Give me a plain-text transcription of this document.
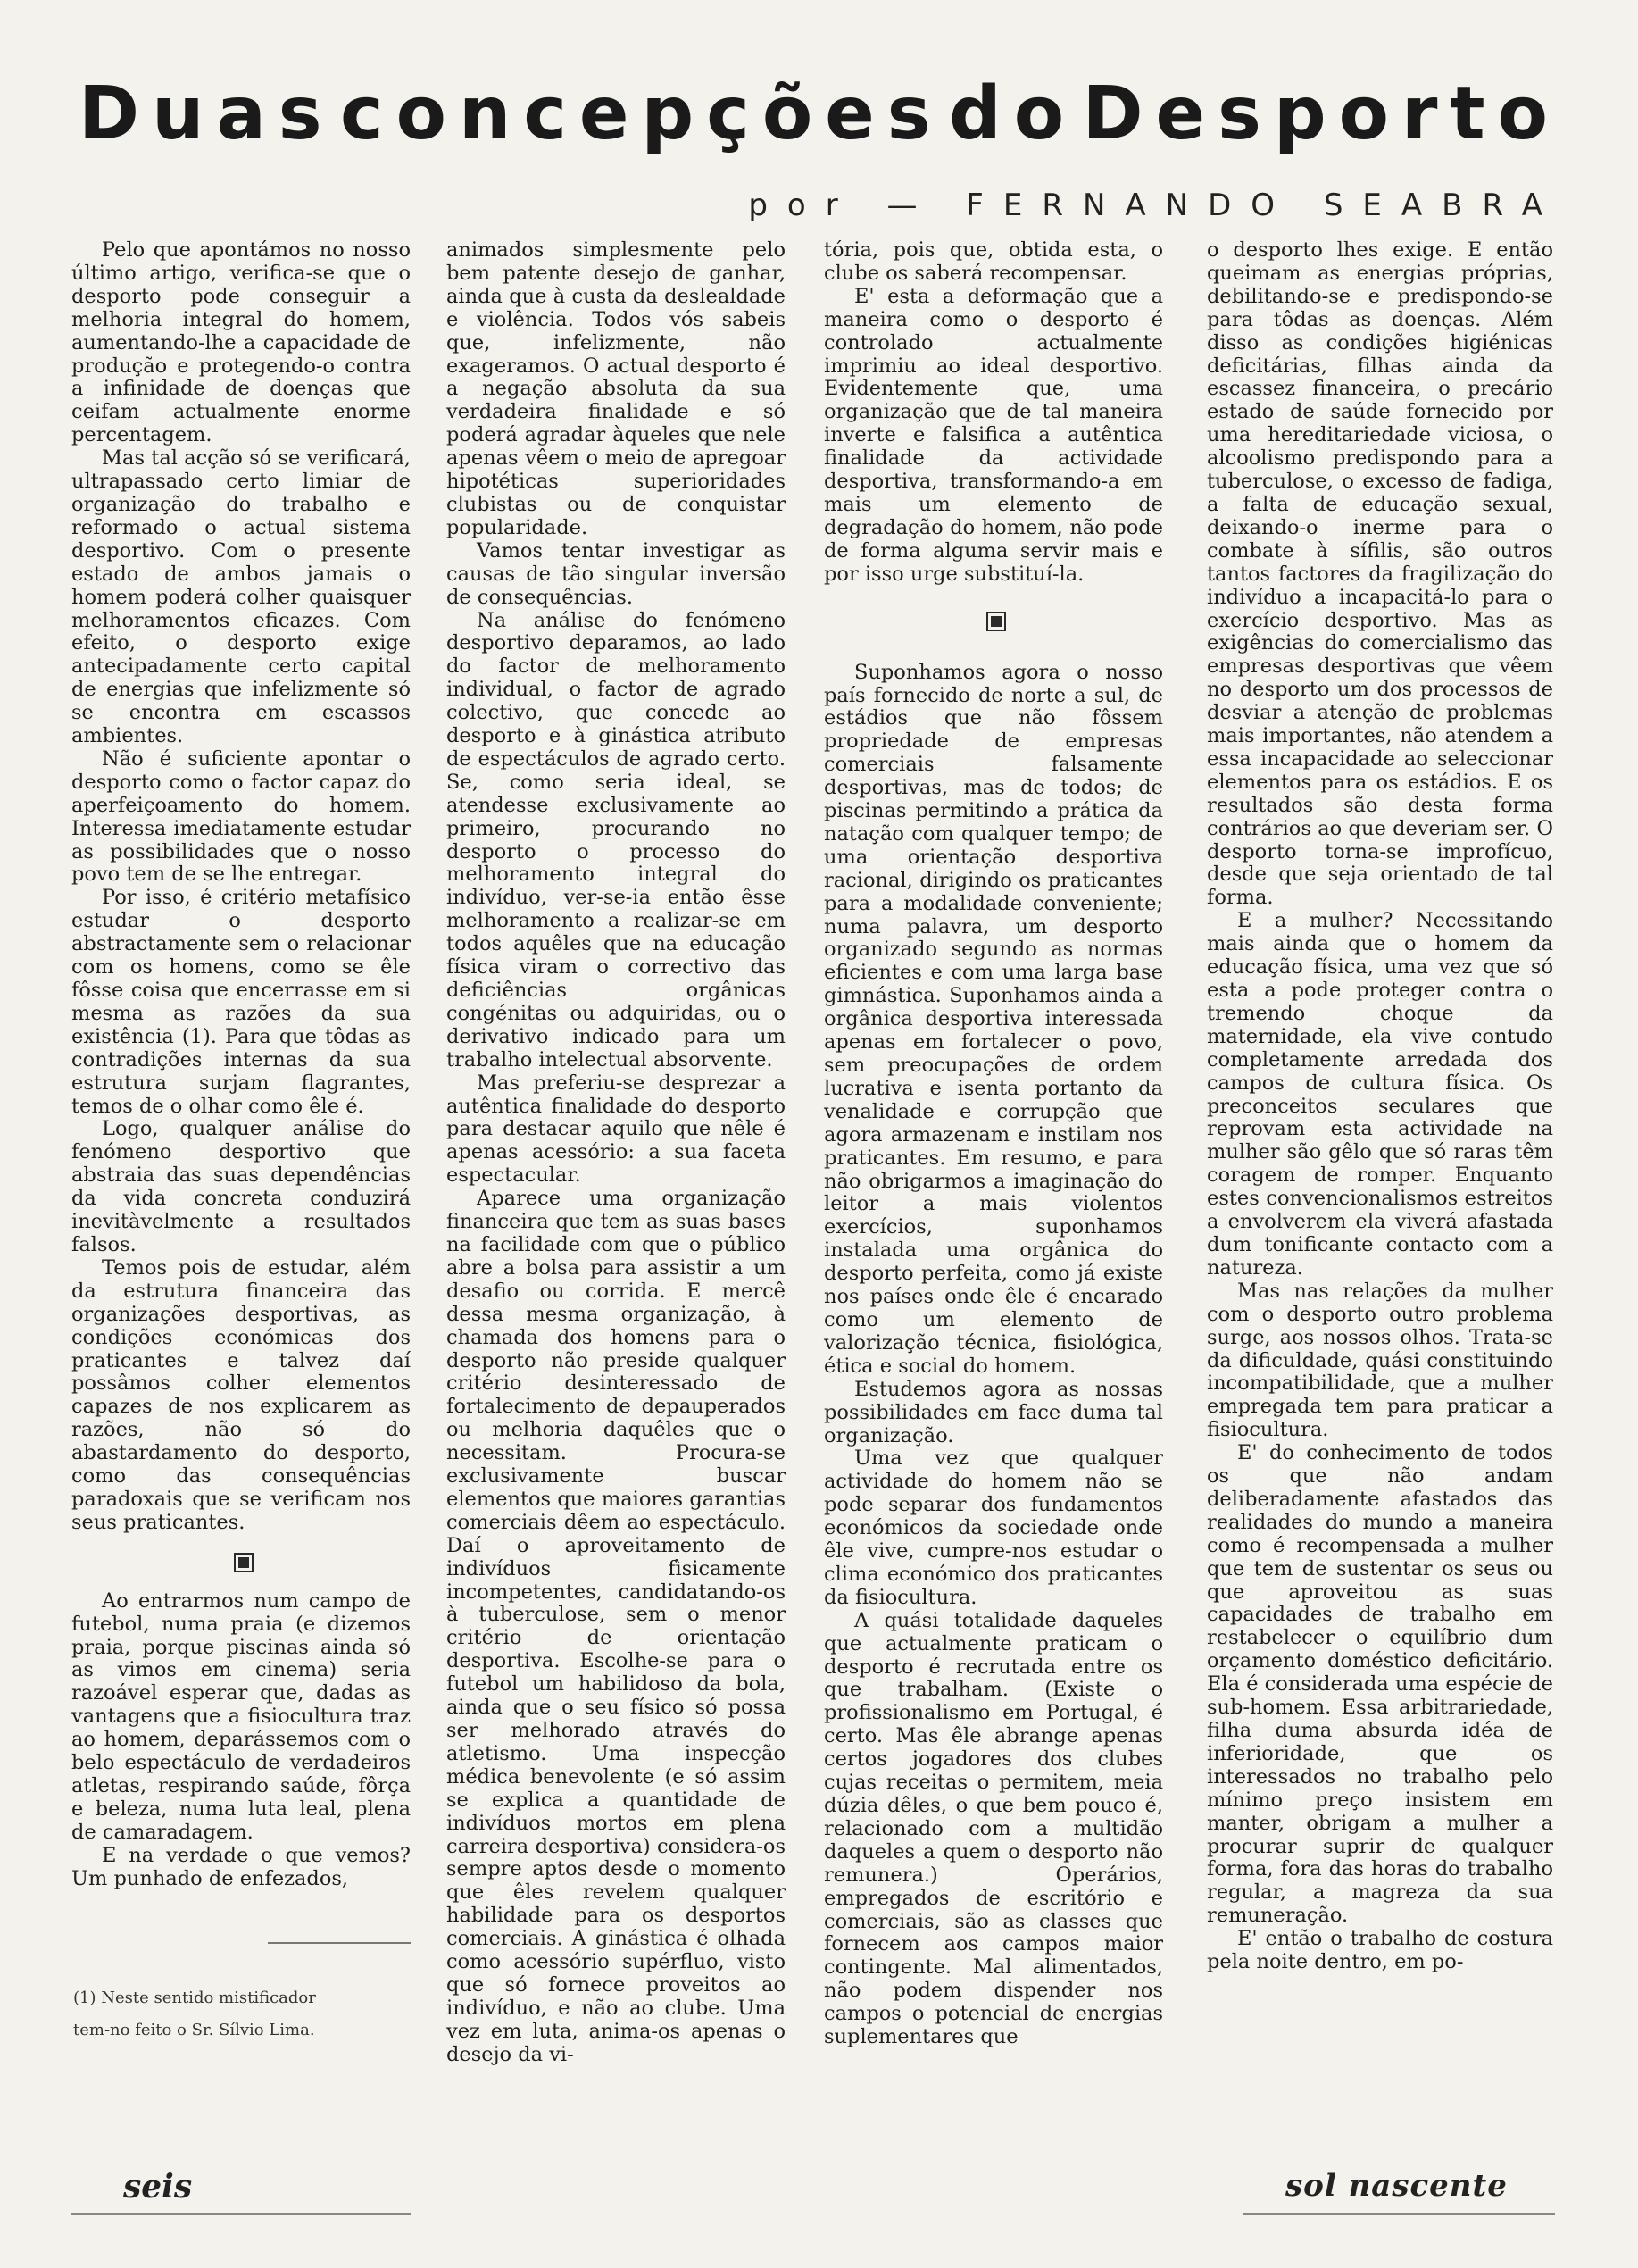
Duas concepções do Desporto
por — FERNANDO SEABRA

Pelo que apontámos no nosso último artigo, verifica-se que o desporto pode conseguir a melhoria integral do homem, aumentando-lhe a capacidade de produção e protegendo-o contra a infinidade de doenças que ceifam actualmente enorme percentagem.

Mas tal acção só se verificará, ultrapassado certo limiar de organização do trabalho e reformado o actual sistema desportivo. Com o presente estado de ambos jamais o homem poderá colher quaisquer melhoramentos eficazes. Com efeito, o desporto exige antecipadamente certo capital de energias que infelizmente só se encontra em escassos ambientes.

Não é suficiente apontar o desporto como o factor capaz do aperfeiçoamento do homem. Interessa imediatamente estudar as possibilidades que o nosso povo tem de se lhe entregar.

Por isso, é critério metafísico estudar o desporto abstractamente sem o relacionar com os homens, como se êle fôsse coisa que encerrasse em si mesma as razões da sua existência (1). Para que tôdas as contradições internas da sua estrutura surjam flagrantes, temos de o olhar como êle é.

Logo, qualquer análise do fenómeno desportivo que abstraia das suas dependências da vida concreta conduzirá inevitàvelmente a resultados falsos.

Temos pois de estudar, além da estrutura financeira das organizações desportivas, as condições económicas dos praticantes e talvez daí possâmos colher elementos capazes de nos explicarem as razões, não só do abastardamento do desporto, como das consequências paradoxais que se verificam nos seus praticantes.

Ao entrarmos num campo de futebol, numa praia (e dizemos praia, porque piscinas ainda só as vimos em cinema) seria razoável esperar que, dadas as vantagens que a fisiocultura traz ao homem, deparássemos com o belo espectáculo de verdadeiros atletas, respirando saúde, fôrça e beleza, numa luta leal, plena de camaradagem.

E na verdade o que vemos? Um punhado de enfezados,

animados simplesmente pelo bem patente desejo de ganhar, ainda que à custa da deslealdade e violência. Todos vós sabeis que, infelizmente, não exageramos. O actual desporto é a negação absoluta da sua verdadeira finalidade e só poderá agradar àqueles que nele apenas vêem o meio de apregoar hipotéticas superioridades clubistas ou de conquistar popularidade.

Vamos tentar investigar as causas de tão singular inversão de consequências.

Na análise do fenómeno desportivo deparamos, ao lado do factor de melhoramento individual, o factor de agrado colectivo, que concede ao desporto e à ginástica atributo de espectáculos de agrado certo. Se, como seria ideal, se atendesse exclusivamente ao primeiro, procurando no desporto o processo do melhoramento integral do indivíduo, ver-se-ia então êsse melhoramento a realizar-se em todos aquêles que na educação física viram o correctivo das deficiências orgânicas congénitas ou adquiridas, ou o derivativo indicado para um trabalho intelectual absorvente.

Mas preferiu-se desprezar a autêntica finalidade do desporto para destacar aquilo que nêle é apenas acessório: a sua faceta espectacular.

Aparece uma organização financeira que tem as suas bases na facilidade com que o público abre a bolsa para assistir a um desafio ou corrida. E mercê dessa mesma organização, à chamada dos homens para o desporto não preside qualquer critério desinteressado de fortalecimento de depauperados ou melhoria daquêles que o necessitam. Procura-se exclusivamente buscar elementos que maiores garantias comerciais dêem ao espectáculo. Daí o aproveitamento de indivíduos fìsicamente incompetentes, candidatando-os à tuberculose, sem o menor critério de orientação desportiva. Escolhe-se para o futebol um habilidoso da bola, ainda que o seu físico só possa ser melhorado através do atletismo. Uma inspecção médica benevolente (e só assim se explica a quantidade de indivíduos mortos em plena carreira desportiva) considera-os sempre aptos desde o momento que êles revelem qualquer habilidade para os desportos comerciais. A ginástica é olhada como acessório supérfluo, visto que só fornece proveitos ao indivíduo, e não ao clube. Uma vez em luta, anima-os apenas o desejo da vi-

tória, pois que, obtida esta, o clube os saberá recompensar.

E' esta a deformação que a maneira como o desporto é controlado actualmente imprimiu ao ideal desportivo. Evidentemente que, uma organização que de tal maneira inverte e falsifica a autêntica finalidade da actividade desportiva, transformando-a em mais um elemento de degradação do homem, não pode de forma alguma servir mais e por isso urge substituí-la.

Suponhamos agora o nosso país fornecido de norte a sul, de estádios que não fôssem propriedade de empresas comerciais falsamente desportivas, mas de todos; de piscinas permitindo a prática da natação com qualquer tempo; de uma orientação desportiva racional, dirigindo os praticantes para a modalidade conveniente; numa palavra, um desporto organizado segundo as normas eficientes e com uma larga base gimnástica. Suponhamos ainda a orgânica desportiva interessada apenas em fortalecer o povo, sem preocupações de ordem lucrativa e isenta portanto da venalidade e corrupção que agora armazenam e instilam nos praticantes. Em resumo, e para não obrigarmos a imaginação do leitor a mais violentos exercícios, suponhamos instalada uma orgânica do desporto perfeita, como já existe nos países onde êle é encarado como um elemento de valorização técnica, fisiológica, ética e social do homem.

Estudemos agora as nossas possibilidades em face duma tal organização.

Uma vez que qualquer actividade do homem não se pode separar dos fundamentos económicos da sociedade onde êle vive, cumpre-nos estudar o clima económico dos praticantes da fisiocultura.

A quási totalidade daqueles que actualmente praticam o desporto é recrutada entre os que trabalham. (Existe o profissionalismo em Portugal, é certo. Mas êle abrange apenas certos jogadores dos clubes cujas receitas o permitem, meia dúzia dêles, o que bem pouco é, relacionado com a multidão daqueles a quem o desporto não remunera.) Operários, empregados de escritório e comerciais, são as classes que fornecem aos campos maior contingente. Mal alimentados, não podem dispender nos campos o potencial de energias suplementares que

o desporto lhes exige. E então queimam as energias próprias, debilitando-se e predispondo-se para tôdas as doenças. Além disso as condições higiénicas deficitárias, filhas ainda da escassez financeira, o precário estado de saúde fornecido por uma hereditariedade viciosa, o alcoolismo predispondo para a tuberculose, o excesso de fadiga, a falta de educação sexual, deixando-o inerme para o combate à sífilis, são outros tantos factores da fragilização do indivíduo a incapacitá-lo para o exercício desportivo. Mas as exigências do comercialismo das empresas desportivas que vêem no desporto um dos processos de desviar a atenção de problemas mais importantes, não atendem a essa incapacidade ao seleccionar elementos para os estádios. E os resultados são desta forma contrários ao que deveriam ser. O desporto torna-se improfícuo, desde que seja orientado de tal forma.

E a mulher? Necessitando mais ainda que o homem da educação física, uma vez que só esta a pode proteger contra o tremendo choque da maternidade, ela vive contudo completamente arredada dos campos de cultura física. Os preconceitos seculares que reprovam esta actividade na mulher são gêlo que só raras têm coragem de romper. Enquanto estes convencionalismos estreitos a envolverem ela viverá afastada dum tonificante contacto com a natureza.

Mas nas relações da mulher com o desporto outro problema surge, aos nossos olhos. Trata-se da dificuldade, quási constituindo incompatibilidade, que a mulher empregada tem para praticar a fisiocultura.

E' do conhecimento de todos os que não andam deliberadamente afastados das realidades do mundo a maneira como é recompensada a mulher que tem de sustentar os seus ou que aproveitou as suas capacidades de trabalho em restabelecer o equilíbrio dum orçamento doméstico deficitário. Ela é considerada uma espécie de sub-homem. Essa arbitrariedade, filha duma absurda idéa de inferioridade, que os interessados no trabalho pelo mínimo preço insistem em manter, obrigam a mulher a procurar suprir de qualquer forma, fora das horas do trabalho regular, a magreza da sua remuneração.

E' então o trabalho de costura pela noite dentro, em po-

(1) Neste sentido mistificador
tem-no feito o Sr. Sílvio Lima.
seis	sol nascente
